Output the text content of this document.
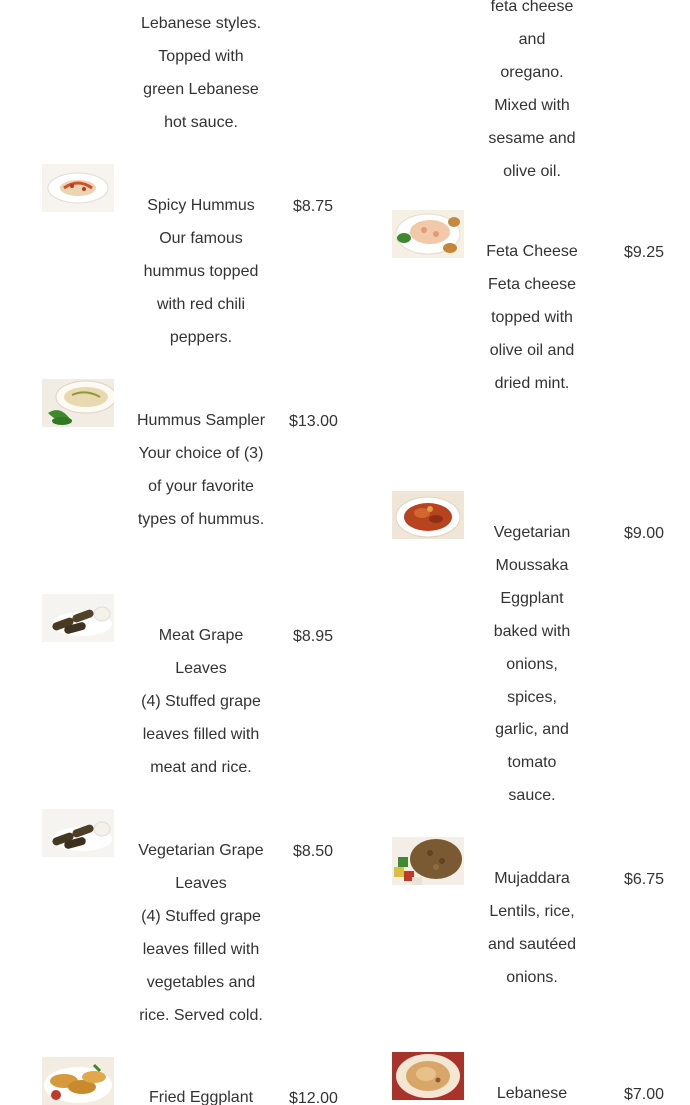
Lebanese styles.
Topped with
green Lebanese
hot sauce.
Spicy Hummus
Our famous hummus topped with red chili peppers.
$8.75
Hummus Sampler
Your choice of (3) of your favorite types of hummus.
$13.00
Meat Grape Leaves
(4) Stuffed grape leaves filled with meat and rice.
$8.95
Vegetarian Grape Leaves
(4) Stuffed grape leaves filled with vegetables and rice. Served cold.
$8.50
Fried Eggplant	$12.00
feta cheese
and
oregano.
Mixed with
sesame and
olive oil.
Feta Cheese
Feta cheese topped with olive oil and dried mint.
$9.25
Vegetarian Moussaka
Eggplant baked with onions, spices, garlic, and tomato sauce.
$9.00
Mujaddara
Lentils, rice, and sautéed onions.
$6.75
Lebanese	$7.00
